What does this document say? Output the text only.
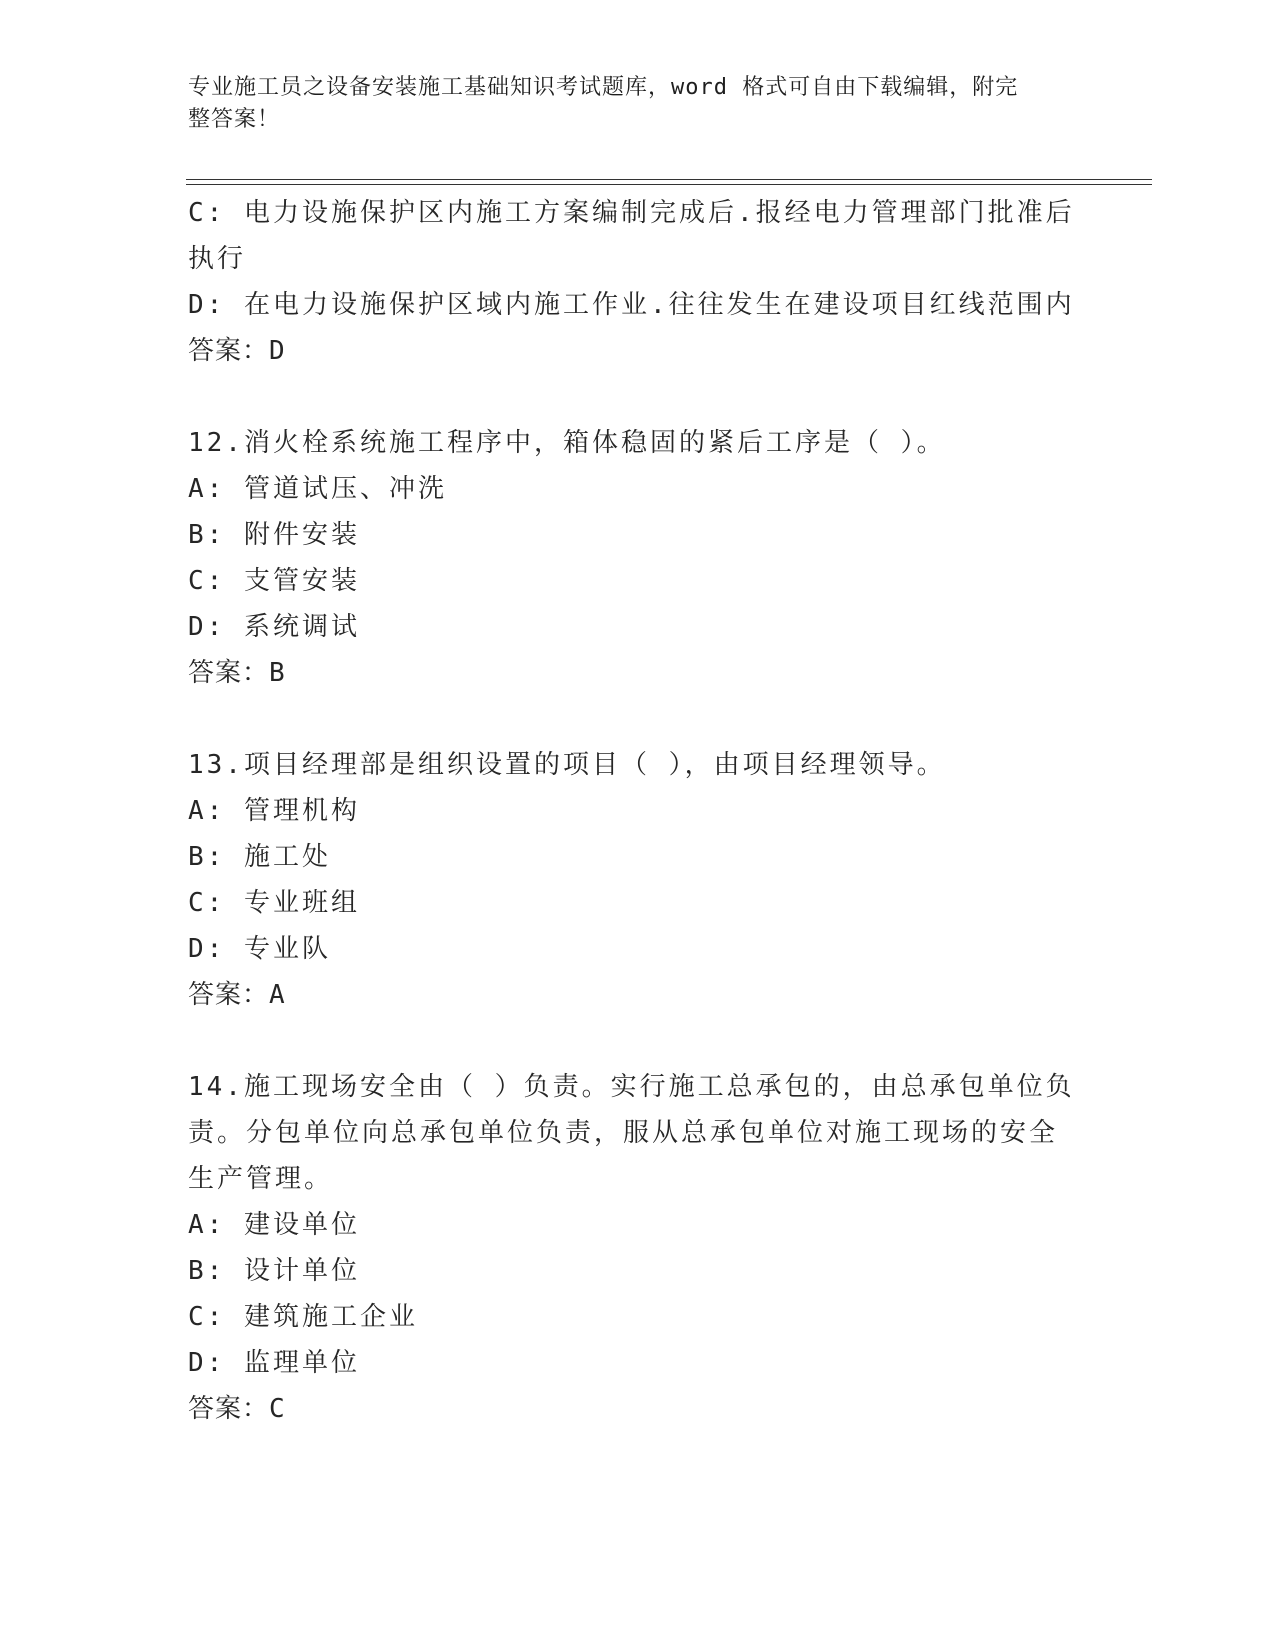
专业施工员之设备安装施工基础知识考试题库，word 格式可自由下载编辑，附完
整答案！
C: 电力设施保护区内施工方案编制完成后.报经电力管理部门批准后
执行
D: 在电力设施保护区域内施工作业.往往发生在建设项目红线范围内
答案：D
12.消火栓系统施工程序中，箱体稳固的紧后工序是（ ）。
A: 管道试压、冲洗
B: 附件安装
C: 支管安装
D: 系统调试
答案：B
13.项目经理部是组织设置的项目（ ），由项目经理领导。
A: 管理机构
B: 施工处
C: 专业班组
D: 专业队
答案：A
14.施工现场安全由（ ）负责。实行施工总承包的，由总承包单位负
责。分包单位向总承包单位负责，服从总承包单位对施工现场的安全
生产管理。
A: 建设单位
B: 设计单位
C: 建筑施工企业
D: 监理单位
答案：C
